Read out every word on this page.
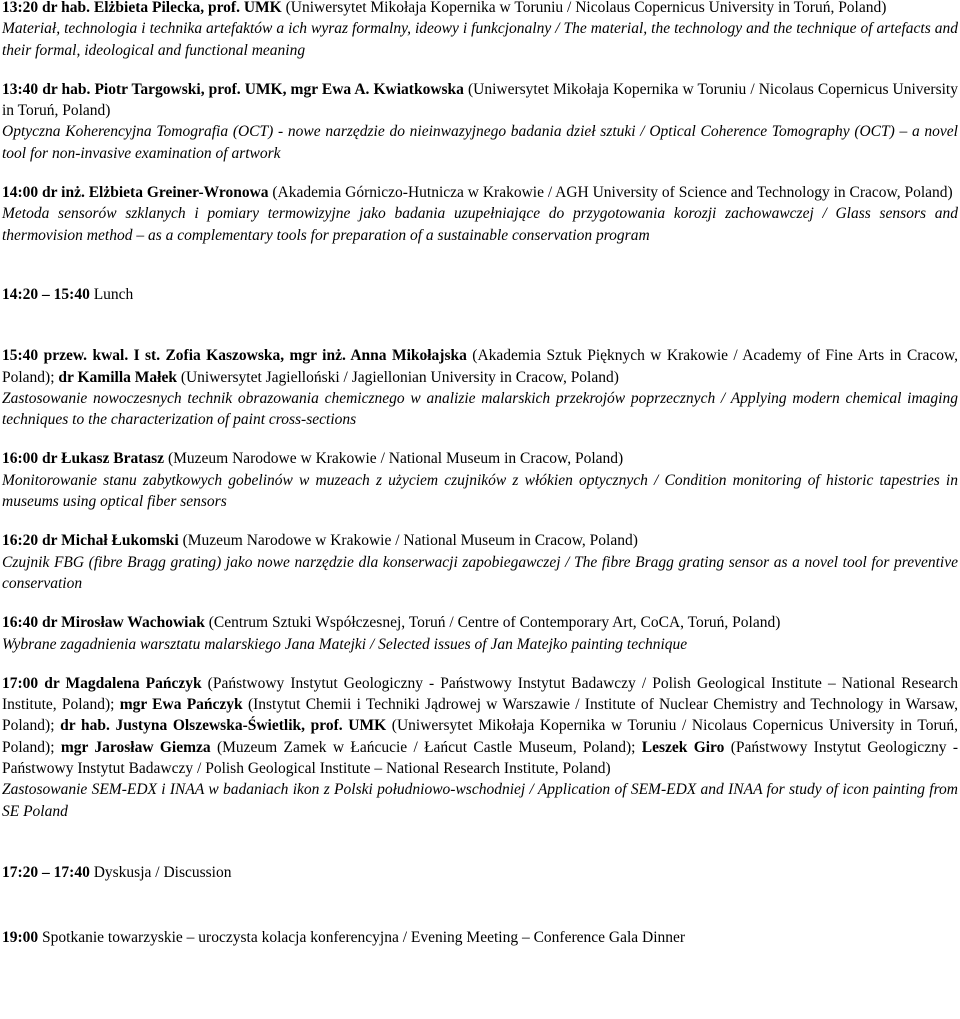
13:20 dr hab. Elżbieta Pilecka, prof. UMK (Uniwersytet Mikołaja Kopernika w Toruniu / Nicolaus Copernicus University in Toruń, Poland)

Materiał, technologia i technika artefaktów a ich wyraz formalny, ideowy i funkcjonalny / The material, the technology and the technique of artefacts and their formal, ideological and functional meaning

13:40 dr hab. Piotr Targowski, prof. UMK, mgr Ewa A. Kwiatkowska (Uniwersytet Mikołaja Kopernika w Toruniu / Nicolaus Copernicus University in Toruń, Poland)

Optyczna Koherencyjna Tomografia (OCT) - nowe narzędzie do nieinwazyjnego badania dzieł sztuki / Optical Coherence Tomography (OCT) – a novel tool for non-invasive examination of artwork

14:00 dr inż. Elżbieta Greiner-Wronowa (Akademia Górniczo-Hutnicza w Krakowie / AGH University of Science and Technology in Cracow, Poland)

Metoda sensorów szklanych i pomiary termowizyjne jako badania uzupełniające do przygotowania korozji zachowawczej / Glass sensors and thermovision method – as a complementary tools for preparation of a sustainable conservation program

14:20 – 15:40 Lunch

15:40 przew. kwal. I st. Zofia Kaszowska, mgr inż. Anna Mikołajska (Akademia Sztuk Pięknych w Krakowie / Academy of Fine Arts in Cracow, Poland); dr Kamilla Małek (Uniwersytet Jagielloński / Jagiellonian University in Cracow, Poland)

Zastosowanie nowoczesnych technik obrazowania chemicznego w analizie malarskich przekrojów poprzecznych / Applying modern chemical imaging techniques to the characterization of paint cross-sections

16:00 dr Łukasz Bratasz (Muzeum Narodowe w Krakowie / National Museum in Cracow, Poland)

Monitorowanie stanu zabytkowych gobelinów w muzeach z użyciem czujników z włókien optycznych / Condition monitoring of historic tapestries in museums using optical fiber sensors

16:20 dr Michał Łukomski (Muzeum Narodowe w Krakowie / National Museum in Cracow, Poland)

Czujnik FBG (fibre Bragg grating) jako nowe narzędzie dla konserwacji zapobiegawczej / The fibre Bragg grating sensor as a novel tool for preventive conservation

16:40 dr Mirosław Wachowiak (Centrum Sztuki Współczesnej, Toruń / Centre of Contemporary Art, CoCA, Toruń, Poland)

Wybrane zagadnienia warsztatu malarskiego Jana Matejki / Selected issues of Jan Matejko painting technique

17:00 dr Magdalena Pańczyk (Państwowy Instytut Geologiczny - Państwowy Instytut Badawczy / Polish Geological Institute – National Research Institute, Poland); mgr Ewa Pańczyk (Instytut Chemii i Techniki Jądrowej w Warszawie / Institute of Nuclear Chemistry and Technology in Warsaw, Poland); dr hab. Justyna Olszewska-Świetlik, prof. UMK (Uniwersytet Mikołaja Kopernika w Toruniu / Nicolaus Copernicus University in Toruń, Poland); mgr Jarosław Giemza (Muzeum Zamek w Łańcucie / Łańcut Castle Museum, Poland); Leszek Giro (Państwowy Instytut Geologiczny - Państwowy Instytut Badawczy / Polish Geological Institute – National Research Institute, Poland)

Zastosowanie SEM-EDX i INAA w badaniach ikon z Polski południowo-wschodniej / Application of SEM-EDX and INAA for study of icon painting from SE Poland

17:20 – 17:40 Dyskusja / Discussion

19:00 Spotkanie towarzyskie – uroczysta kolacja konferencyjna / Evening Meeting – Conference Gala Dinner
